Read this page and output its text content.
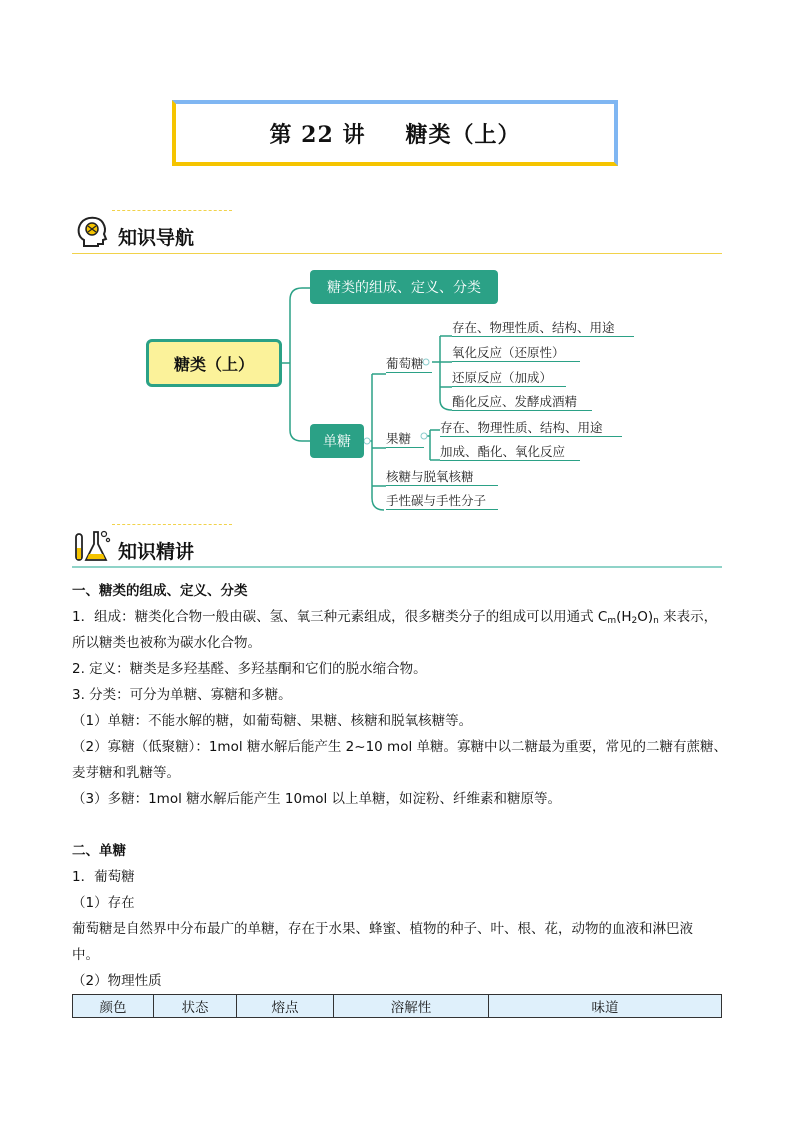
第 22 讲 糖类（上）
知识导航
糖类（上）
糖类的组成、定义、分类
单糖
葡萄糖
存在、物理性质、结构、用途
氧化反应（还原性）
还原反应（加成）
酯化反应、发酵成酒精
果糖
存在、物理性质、结构、用途
加成、酯化、氧化反应
核糖与脱氧核糖
手性碳与手性分子
知识精讲
一、糖类的组成、定义、分类
1．组成：糖类化合物一般由碳、氢、氧三种元素组成，很多糖类分子的组成可以用通式 $C_m(H_2O)_n$ 来表示，
所以糖类也被称为碳水化合物。
2. 定义：糖类是多羟基醛、多羟基酮和它们的脱水缩合物。
3. 分类：可分为单糖、寡糖和多糖。
（1）单糖：不能水解的糖，如葡萄糖、果糖、核糖和脱氧核糖等。
（2）寡糖（低聚糖）：1mol 糖水解后能产生 2~10 mol 单糖。寡糖中以二糖最为重要，常见的二糖有蔗糖、
麦芽糖和乳糖等。
（3）多糖：1mol 糖水解后能产生 10mol 以上单糖，如淀粉、纤维素和糖原等。
二、单糖
1．葡萄糖
（1）存在
葡萄糖是自然界中分布最广的单糖，存在于水果、蜂蜜、植物的种子、叶、根、花，动物的血液和淋巴液
中。
（2）物理性质
颜色	状态	熔点	溶解性	味道
